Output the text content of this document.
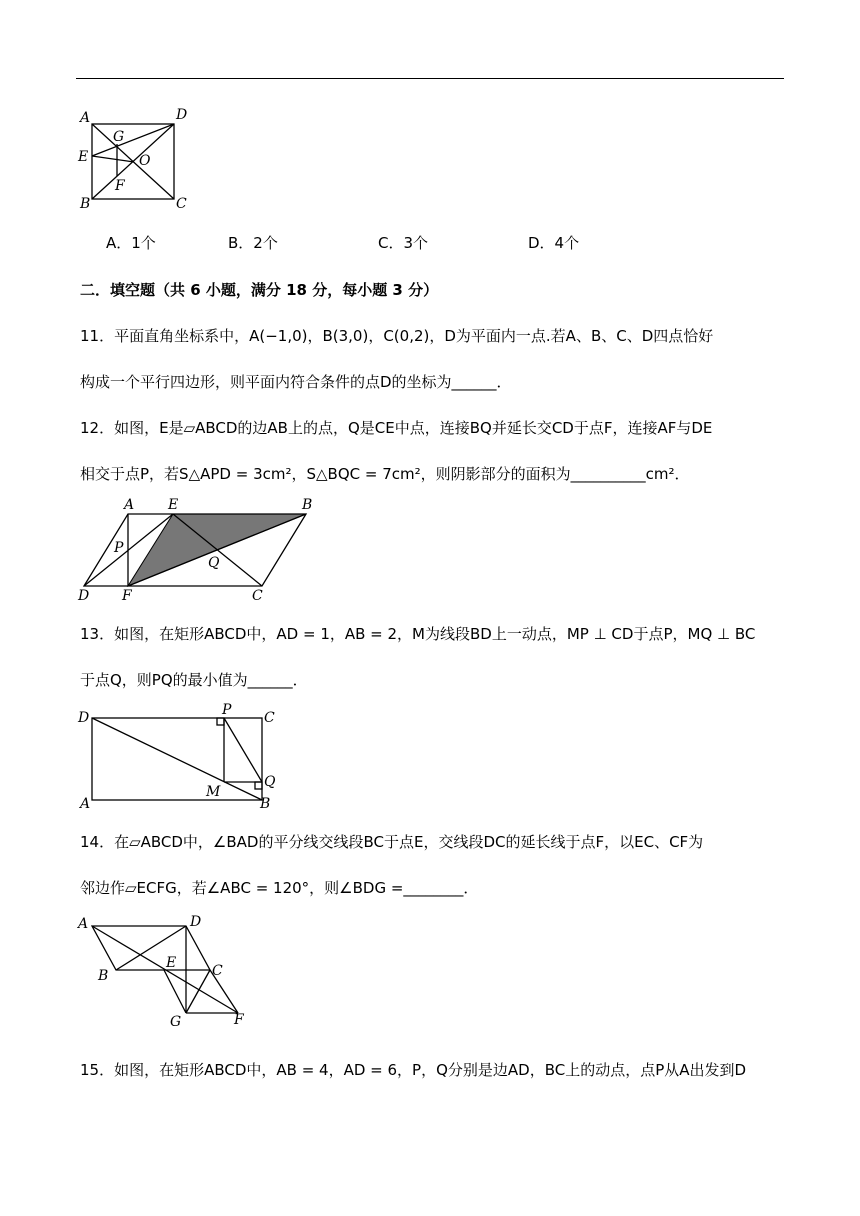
A	D
G
E	O
F
B	C
A．1个	B．2个	C．3个	D．4个
二．填空题（共 6 小题，满分 18 分，每小题 3 分）
11．平面直角坐标系中，A(−1,0)，B(3,0)，C(0,2)，D为平面内一点.若A、B、C、D四点恰好
构成一个平行四边形，则平面内符合条件的点D的坐标为______．
12．如图，E是▱ABCD的边AB上的点，Q是CE中点，连接BQ并延长交CD于点F，连接AF与DE
相交于点P，若S△APD = 3cm²，S△BQC = 7cm²，则阴影部分的面积为__________cm²．
A E	B
P
Q
D F	C
13．如图，在矩形ABCD中，AD = 1，AB = 2，M为线段BD上一动点，MP ⊥ CD于点P，MQ ⊥ BC
于点Q，则PQ的最小值为______．
D	P C
Q
M
A	B
14．在▱ABCD中，∠BAD的平分线交线段BC于点E，交线段DC的延长线于点F，以EC、CF为
邻边作▱ECFG，若∠ABC = 120°，则∠BDG =________．
A	D
B
E	C
G	F
15．如图，在矩形ABCD中，AB = 4，AD = 6，P，Q分别是边AD，BC上的动点，点P从A出发到D
